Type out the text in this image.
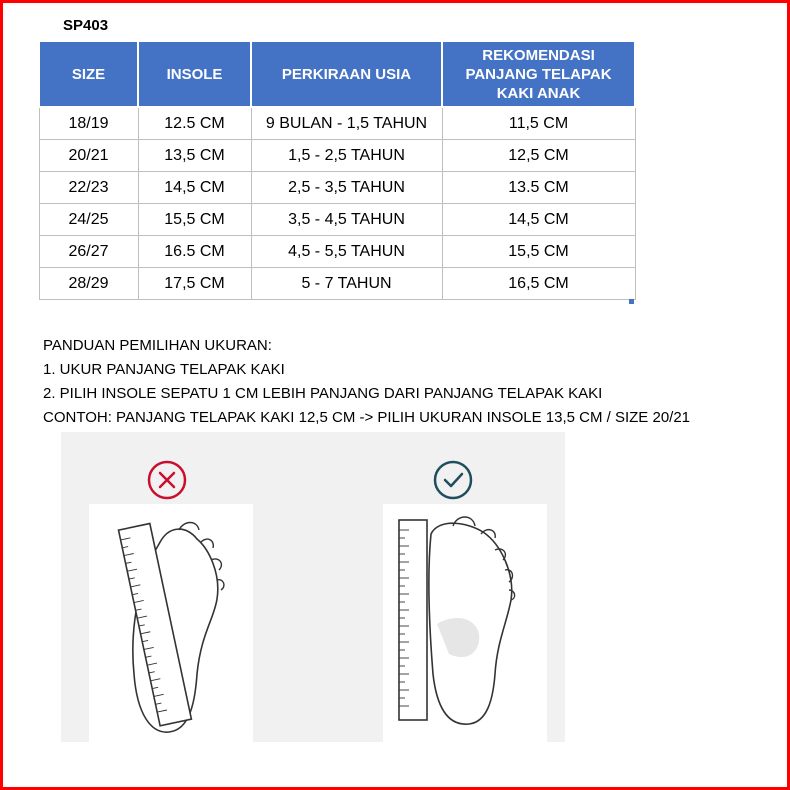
SP403
SIZE	INSOLE	PERKIRAAN USIA	REKOMENDASI
PANJANG TELAPAK
KAKI ANAK
18/19	12.5 CM	9 BULAN - 1,5 TAHUN	11,5 CM
20/21	13,5 CM	1,5 - 2,5 TAHUN	12,5 CM
22/23	14,5 CM	2,5 - 3,5 TAHUN	13.5 CM
24/25	15,5 CM	3,5 - 4,5 TAHUN	14,5 CM
26/27	16.5 CM	4,5 - 5,5 TAHUN	15,5 CM
28/29	17,5 CM	5 - 7 TAHUN	16,5 CM
PANDUAN PEMILIHAN UKURAN:
1. UKUR PANJANG TELAPAK KAKI
2. PILIH INSOLE SEPATU 1 CM LEBIH PANJANG DARI PANJANG TELAPAK KAKI
CONTOH: PANJANG TELAPAK KAKI 12,5 CM -> PILIH UKURAN INSOLE 13,5 CM / SIZE 20/21
